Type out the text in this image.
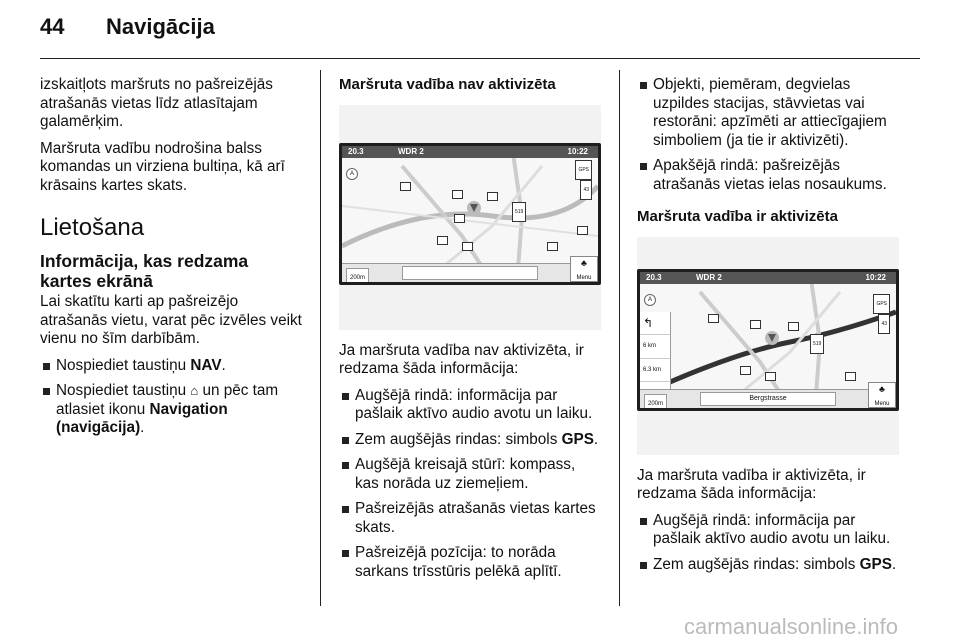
44	Navigācija

izskaitļots maršruts no pašreizējās atrašanās vietas līdz atlasītajam galamērķim.

Maršruta vadību nodrošina balss komandas un virziena bultiņa, kā arī krāsains kartes skats.

Lietošana
Informācija, kas redzama kartes ekrānā

Lai skatītu karti ap pašreizējo atrašanās vietu, varat pēc izvēles veikt vienu no šīm darbībām.

Nospiediet taustiņu NAV.
Nospiediet taustiņu ⌂ un pēc tam atlasiet ikonu Navigation (navigācija).
Maršruta vadība nav aktivizēta
20.3	WDR 2	10:22
GPS
43
519
A
200m
♣
Menu

Ja maršruta vadība nav aktivizēta, ir redzama šāda informācija:

Augšējā rindā: informācija par pašlaik aktīvo audio avotu un laiku.
Zem augšējās rindas: simbols GPS.
Augšējā kreisajā stūrī: kompass, kas norāda uz ziemeļiem.
Pašreizējās atrašanās vietas kartes skats.
Pašreizējā pozīcija: to norāda sarkans trīsstūris pelēkā aplītī.
Objekti, piemēram, degvielas uzpildes stacijas, stāvvietas vai restorāni: apzīmēti ar attiecīgajiem simboliem (ja tie ir aktivizēti).
Apakšējā rindā: pašreizējās atrašanās vietas ielas nosaukums.
Maršruta vadība ir aktivizēta
20.3	WDR 2	10:22
GPS
43
519
A
↰
6 km
6.3 km
200m
Bergstrasse
♣
Menu

Ja maršruta vadība ir aktivizēta, ir redzama šāda informācija:

Augšējā rindā: informācija par pašlaik aktīvo audio avotu un laiku.
Zem augšējās rindas: simbols GPS.
carmanualsonline.info
